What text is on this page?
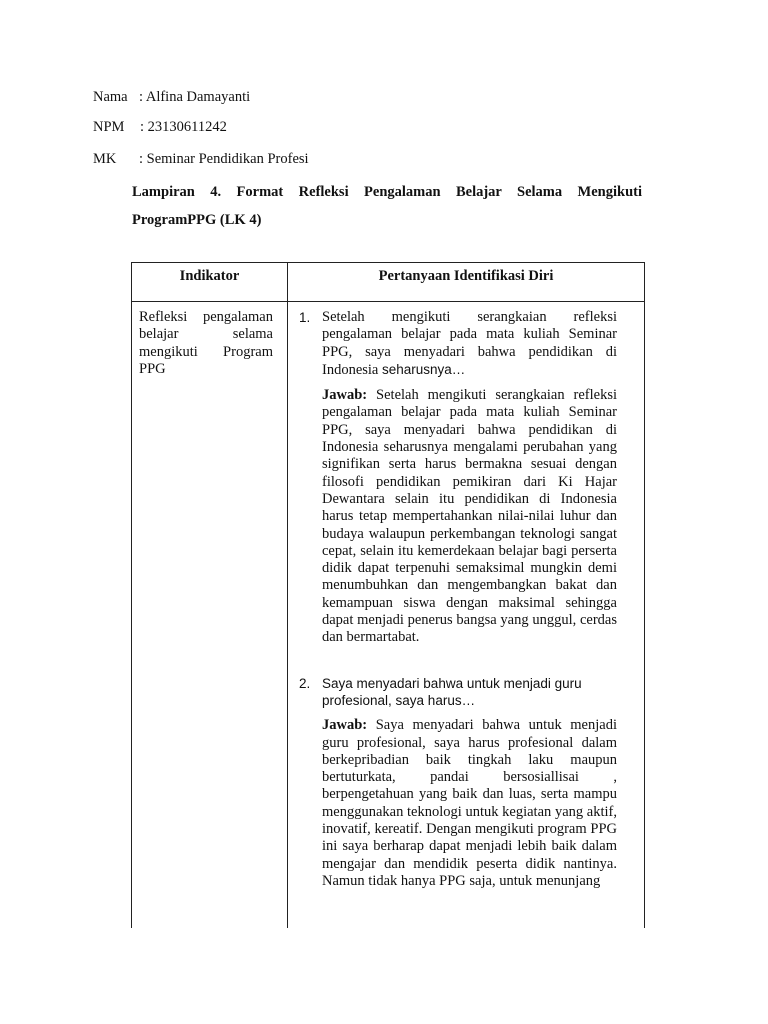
Nama : Alfina Damayanti
NPM : 23130611242
MK : Seminar Pendidikan Profesi
Lampiran 4. Format Refleksi Pengalaman Belajar Selama Mengikuti
ProgramPPG (LK 4)
Indikator	Pertanyaan Identifikasi Diri
Refleksi pengalaman belajar selama mengikuti Program PPG
1. Setelah mengikuti serangkaian refleksi pengalaman belajar pada mata kuliah Seminar PPG, saya menyadari bahwa pendidikan di Indonesia seharusnya…
Jawab: Setelah mengikuti serangkaian refleksi pengalaman belajar pada mata kuliah Seminar PPG, saya menyadari bahwa pendidikan di Indonesia seharusnya mengalami perubahan yang signifikan serta harus bermakna sesuai dengan filosofi pendidikan pemikiran dari Ki Hajar Dewantara selain itu pendidikan di Indonesia harus tetap mempertahankan nilai-nilai luhur dan budaya walaupun perkembangan teknologi sangat cepat, selain itu kemerdekaan belajar bagi perserta didik dapat terpenuhi semaksimal mungkin demi menumbuhkan dan mengembangkan bakat dan kemampuan siswa dengan maksimal sehingga dapat menjadi penerus bangsa yang unggul, cerdas dan bermartabat.
2. Saya menyadari bahwa untuk menjadi guru profesional, saya harus…
Jawab: Saya menyadari bahwa untuk menjadi guru profesional, saya harus profesional dalam berkepribadian baik tingkah laku maupun bertuturkata, pandai bersosiallisai , berpengetahuan yang baik dan luas, serta mampu menggunakan teknologi untuk kegiatan yang aktif, inovatif, kereatif. Dengan mengikuti program PPG ini saya berharap dapat menjadi lebih baik dalam mengajar dan mendidik peserta didik nantinya. Namun tidak hanya PPG saja, untuk menunjang
